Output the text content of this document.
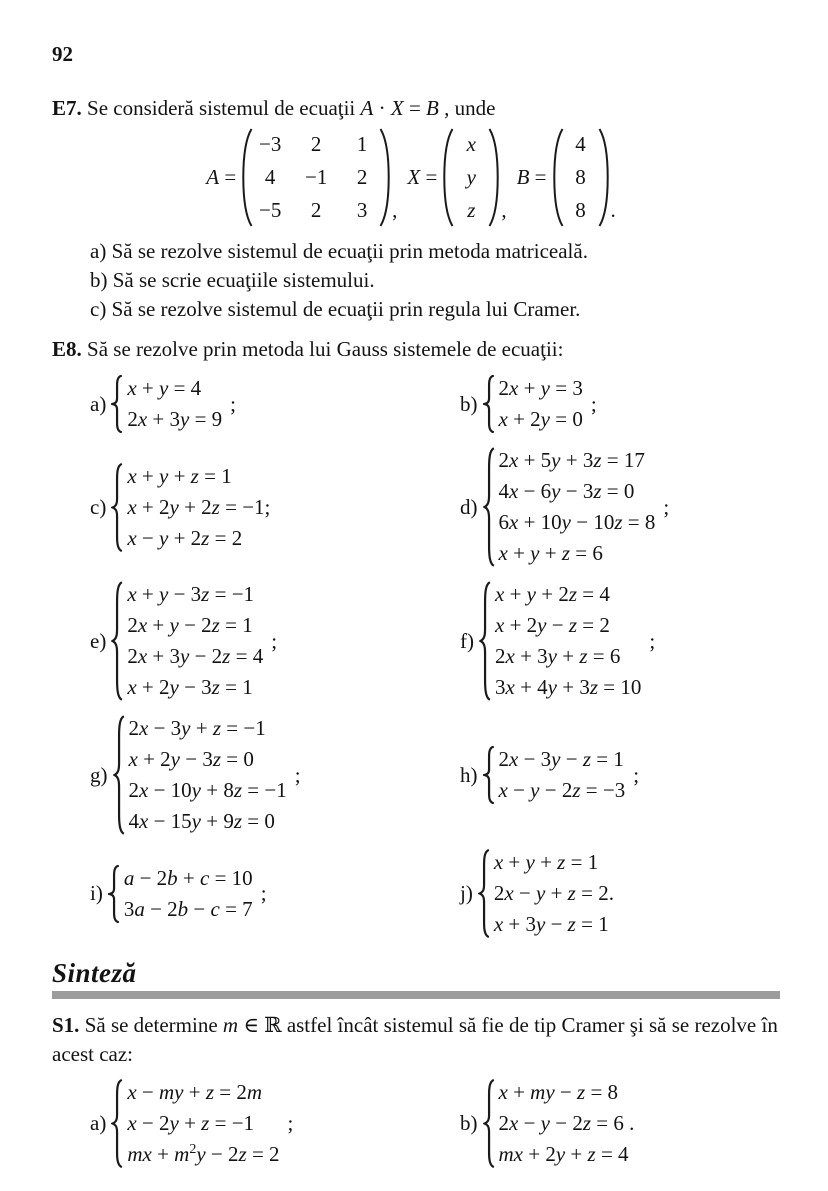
92
E7. Se consideră sistemul de ecuaţii A · X = B , unde
A =
−3	2	1
4	−1	2
−5	2	3	,
X =
x
y
z	,
B =
4
8
8	.
a) Să se rezolve sistemul de ecuaţii prin metoda matriceală.
b) Să se scrie ecuaţiile sistemului.
c) Să se rezolve sistemul de ecuaţii prin regula lui Cramer.
E8. Să se rezolve prin metoda lui Gauss sistemele de ecuaţii:
a)
x + y = 4
2x + 3y = 9
;	b)
2x + y = 3
x + 2y = 0
;
c)
x + y + z = 1
x + 2y + 2z = −1;
x − y + 2z = 2
d)
2x + 5y + 3z = 17
4x − 6y − 3z = 0
6x + 10y − 10z = 8
x + y + z = 6
;
e)
x + y − 3z = −1
2x + y − 2z = 1
2x + 3y − 2z = 4
x + 2y − 3z = 1
;	f)
x + y + 2z = 4
x + 2y − z = 2
2x + 3y + z = 6
3x + 4y + 3z = 10
;
g)
2x − 3y + z = −1
x + 2y − 3z = 0
2x − 10y + 8z = −1
4x − 15y + 9z = 0
;	h)
2x − 3y − z = 1
x − y − 2z = −3
;
i)
a − 2b + c = 10
3a − 2b − c = 7
;	j)
x + y + z = 1
2x − y + z = 2.
x + 3y − z = 1
Sinteză
S1. Să se determine m ∈ ℝ astfel încât sistemul să fie de tip Cramer şi să se rezolve în acest caz:
a)
x − my + z = 2m
x − 2y + z = −1
mx + $m^2y - 2z = 2$
;	b)
x + my − z = 8
2x − y − 2z = 6 .
mx + 2y + z = 4
